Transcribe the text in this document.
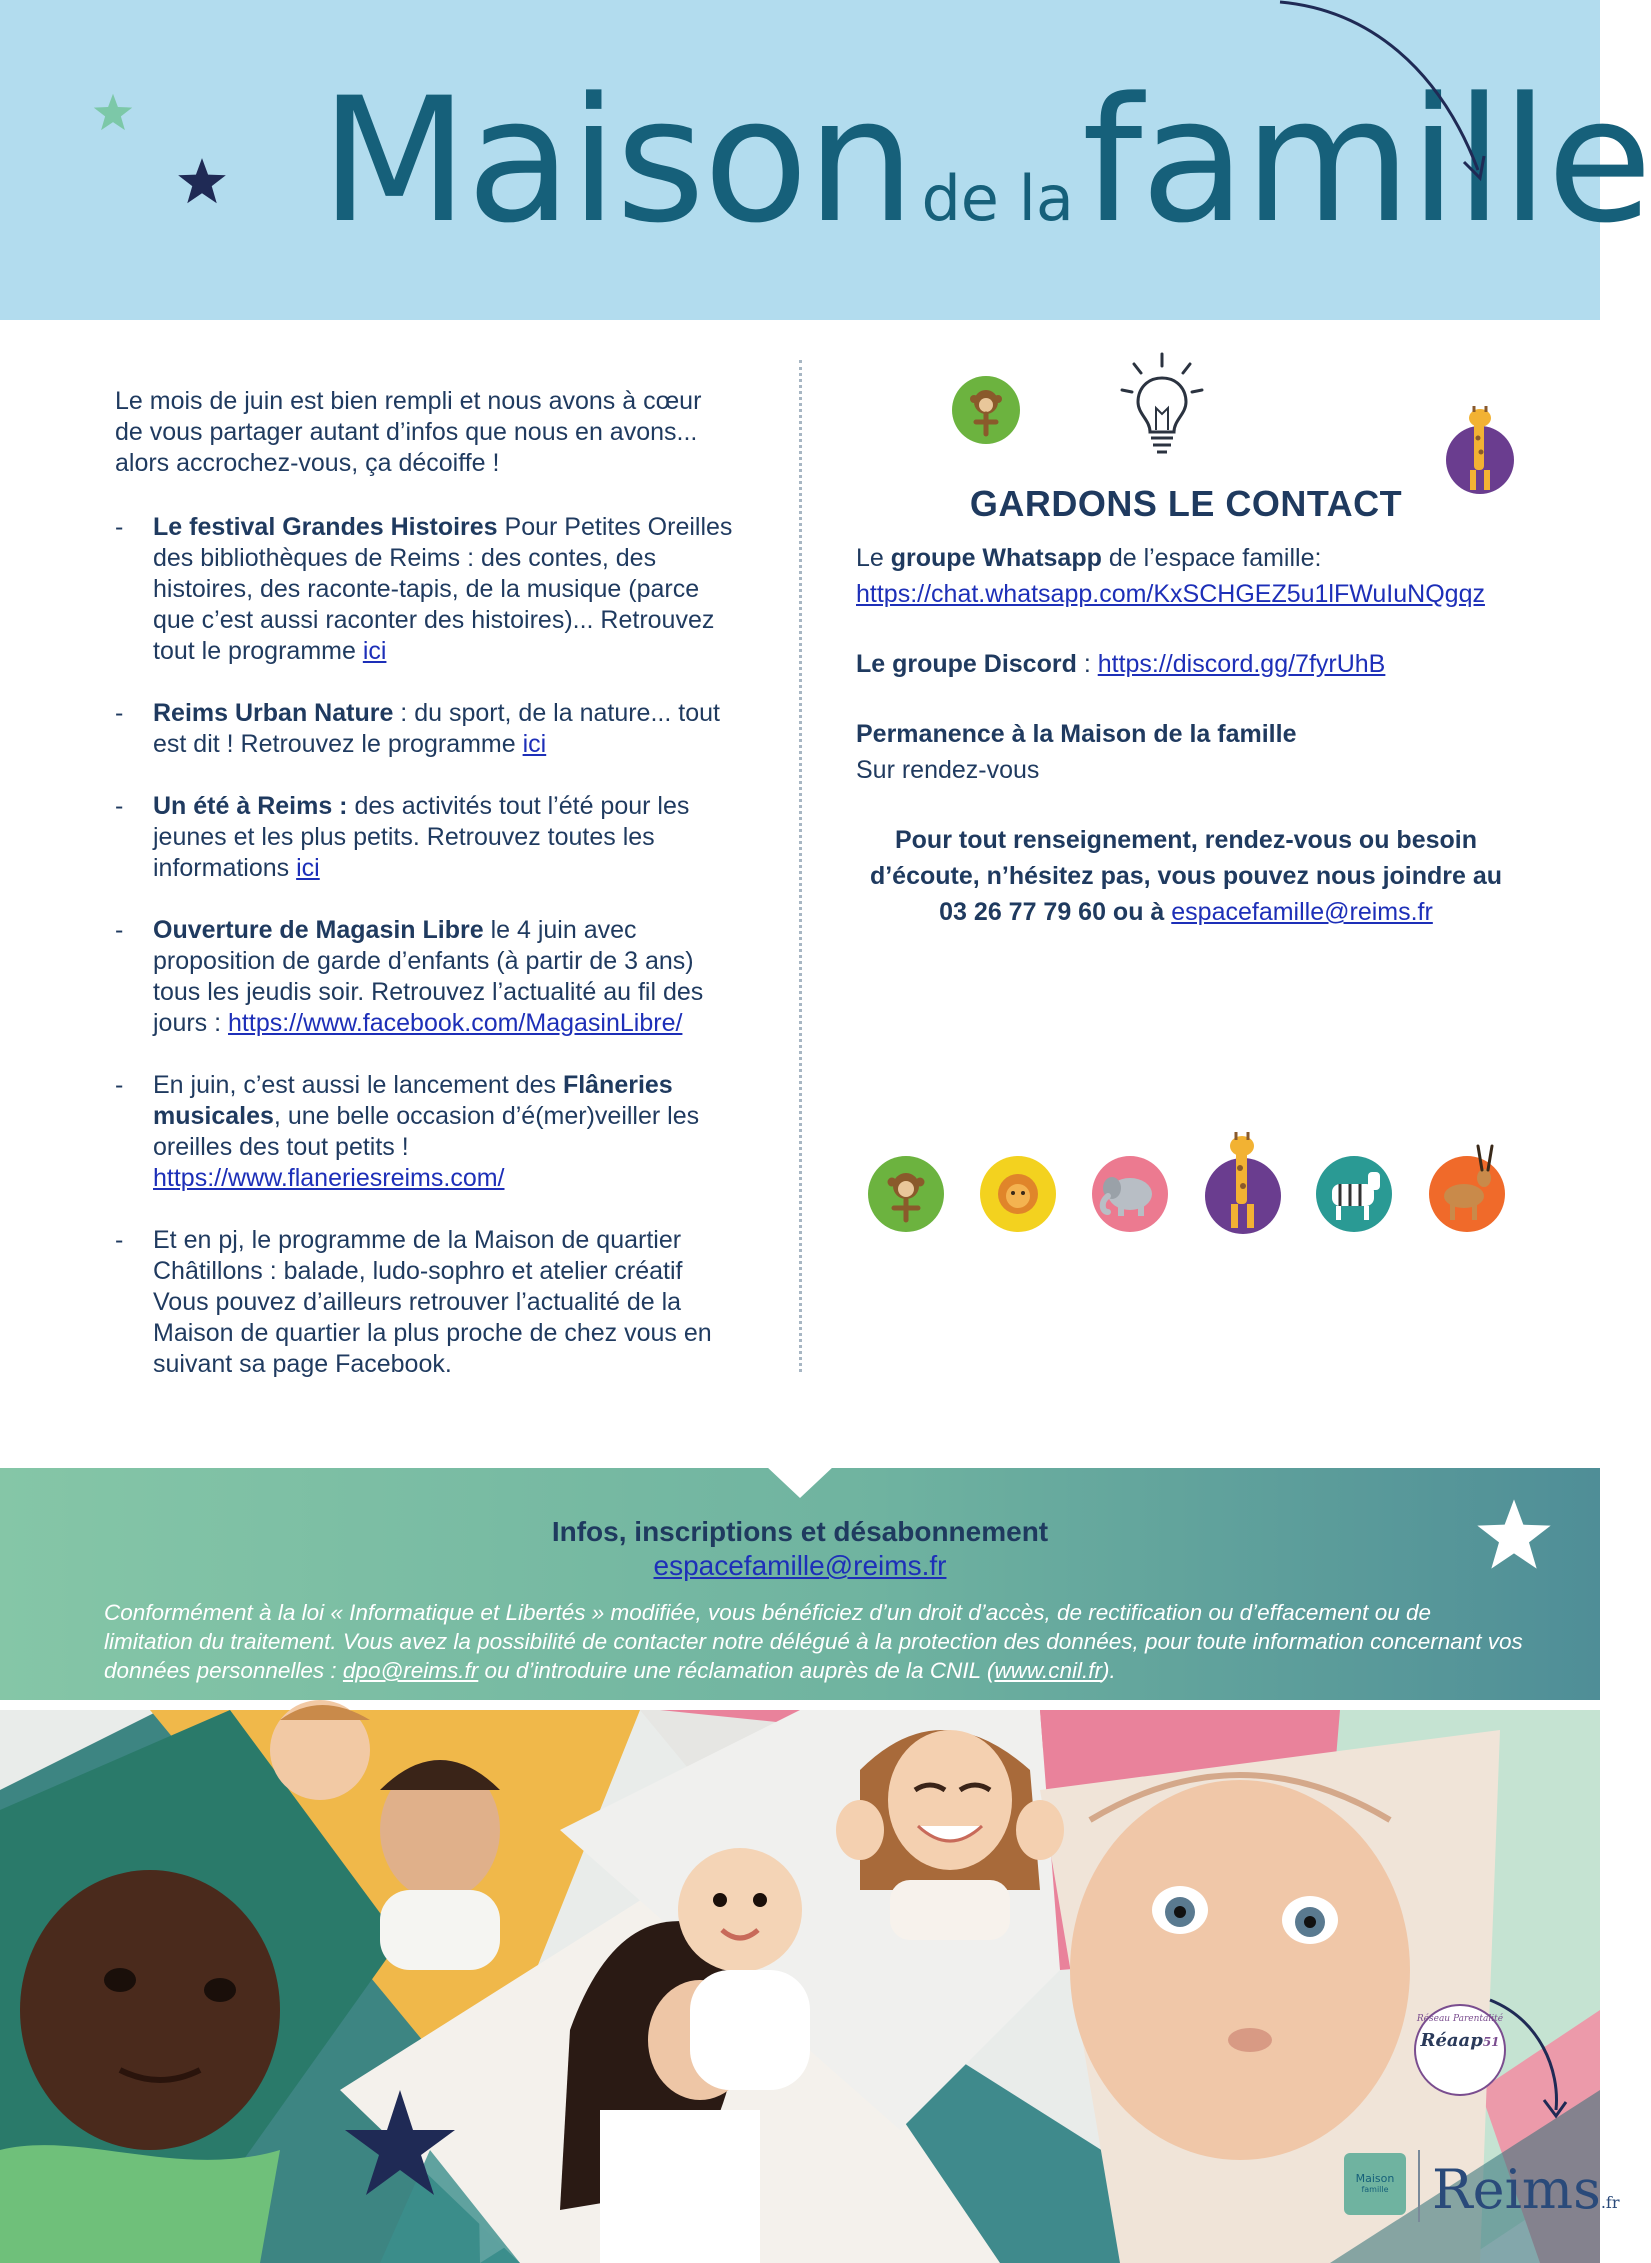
Maison de lafamille

Le mois de juin est bien rempli et nous avons à cœur de vous partager autant d’infos que nous en avons... alors accrochez-vous, ça décoiffe !

- Le festival Grandes Histoires Pour Petites Oreilles des bibliothèques de Reims : des contes, des histoires, des raconte-tapis, de la musique (parce que c’est aussi raconter des histoires)... Retrouvez tout le programme ici
- Reims Urban Nature : du sport, de la nature... tout est dit ! Retrouvez le programme ici
- Un été à Reims : des activités tout l’été pour les jeunes et les plus petits. Retrouvez toutes les informations ici
- Ouverture de Magasin Libre le 4 juin avec proposition de garde d’enfants (à partir de 3 ans) tous les jeudis soir. Retrouvez l’actualité au fil des jours : https://www.facebook.com/MagasinLibre/
- En juin, c’est aussi le lancement des Flâneries musicales, une belle occasion d’é(mer)veiller les oreilles des tout petits ! https://www.flaneriesreims.com/
- Et en pj, le programme de la Maison de quartier Châtillons : balade, ludo-sophro et atelier créatif Vous pouvez d’ailleurs retrouver l’actualité de la Maison de quartier la plus proche de chez vous en suivant sa page Facebook.
GARDONS LE CONTACT
Le groupe Whatsapp de l’espace famille:
https://chat.whatsapp.com/KxSCHGEZ5u1lFWuIuNQgqz
Le groupe Discord : https://discord.gg/7fyrUhB
Permanence à la Maison de la famille
Sur rendez-vous
Pour tout renseignement, rendez-vous ou besoin d’écoute, n’hésitez pas, vous pouvez nous joindre au 03 26 77 79 60 ou à espacefamille@reims.fr
Infos, inscriptions et désabonnement
espacefamille@reims.fr
Conformément à la loi « Informatique et Libertés » modifiée, vous bénéficiez d’un droit d’accès, de rectification ou d’effacement ou de limitation du traitement. Vous avez la possibilité de contacter notre délégué à la protection des données, pour toute information concernant vos données personnelles : dpo@reims.fr ou d’introduire une réclamation auprès de la CNIL (www.cnil.fr).
Réseau Parentalité
Réaap51
Maison
famille Reims.fr
